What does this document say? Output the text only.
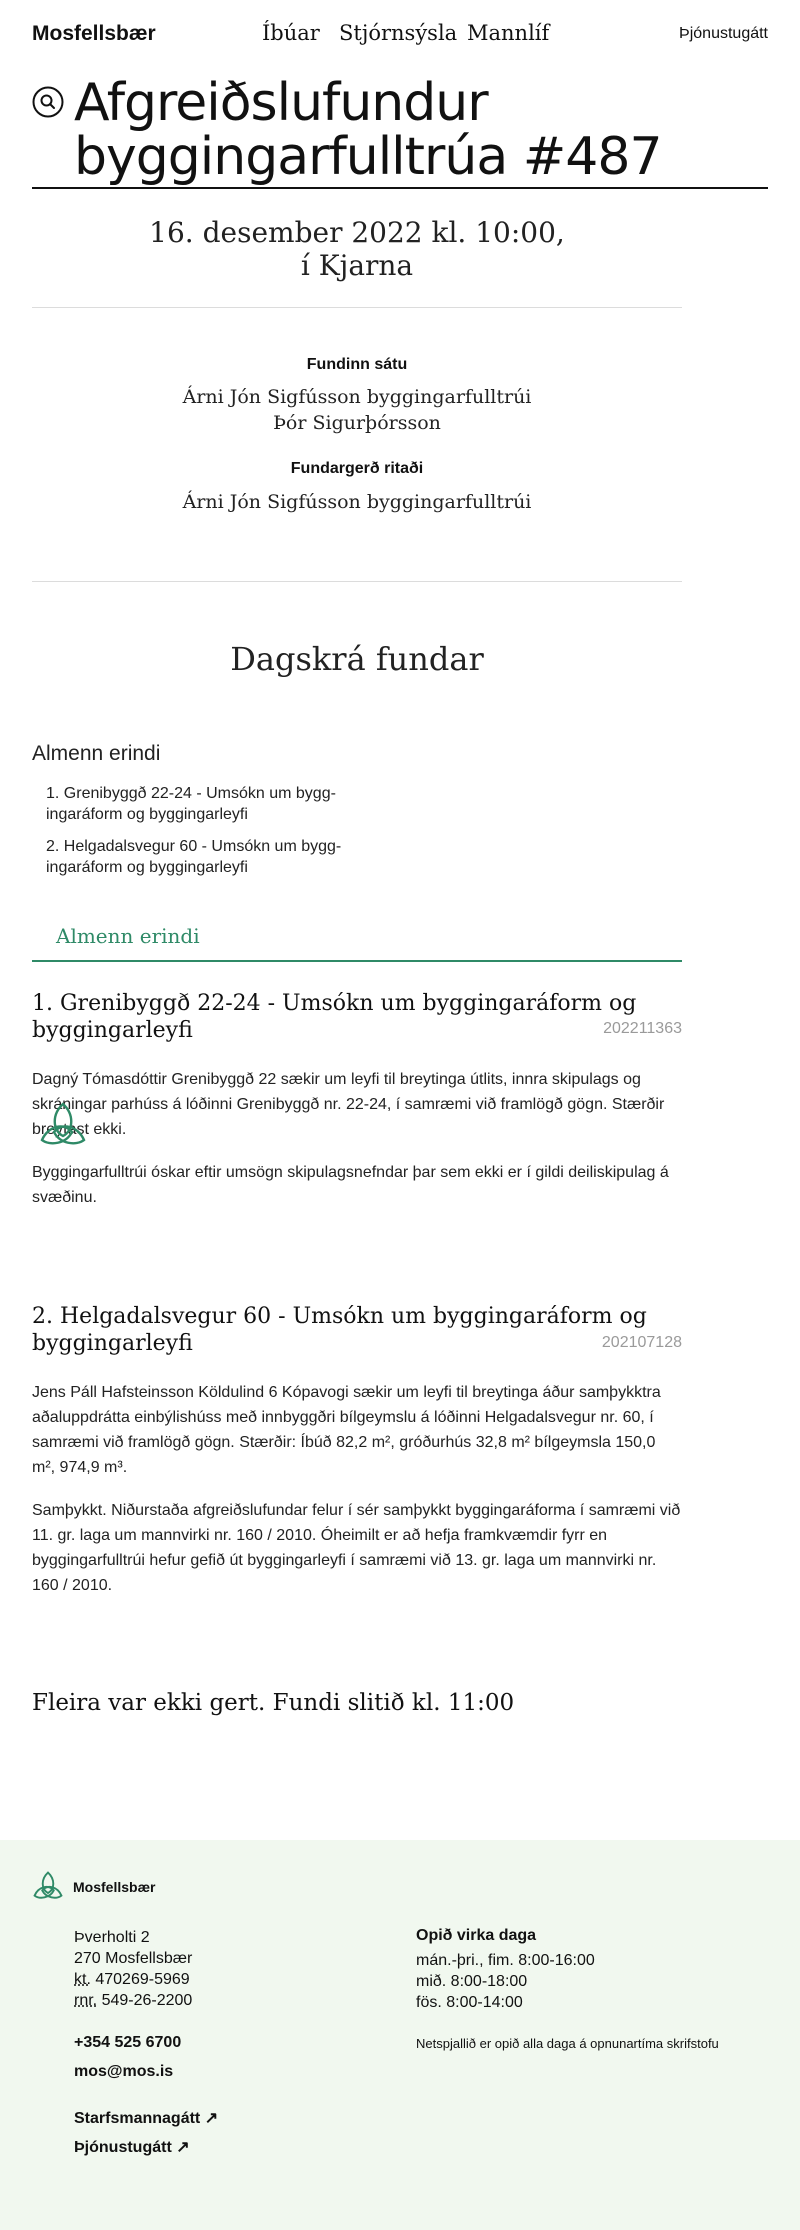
Mosfellsbær	Íbúar Stjórnsýsla Mannlíf	Þjónustugátt
Afgreiðslufundur byggingarfulltrúa #487
16. desember 2022 kl. 10:00,
í Kjarna
Fundinn sátu
Árni Jón Sigfússon byggingarfulltrúi
Þór Sigurþórsson
Fundargerð ritaði
Árni Jón Sigfússon byggingarfulltrúi
Dagskrá fundar
Almenn erindi
1. Grenibyggð 22-24 - Umsókn um byggingaráform og byggingarleyfi
2. Helgadalsvegur 60 - Umsókn um byggingaráform og byggingarleyfi
Almenn erindi
1. Grenibyggð 22-24 - Umsókn um byggingaráform og byggingarleyfi	202211363
Dagný Tómasdóttir Grenibyggð 22 sækir um leyfi til breytinga útlits, innra skipulags og skráningar parhúss á lóðinni Grenibyggð nr. 22-24, í samræmi við framlögð gögn. Stærðir breytast ekki.
Byggingarfulltrúi óskar eftir umsögn skipulagsnefndar þar sem ekki er í gildi deiliskipulag á svæðinu.
2. Helgadalsvegur 60 - Umsókn um byggingaráform og byggingarleyfi	202107128
Jens Páll Hafsteinsson Köldulind 6 Kópavogi sækir um leyfi til breytinga áður samþykktra aðaluppdrátta einbýlishúss með innbyggðri bílgeymslu á lóðinni Helgadalsvegur nr. 60, í samræmi við framlögð gögn. Stærðir: Íbúð 82,2 m², gróðurhús 32,8 m² bílgeymsla 150,0 m², 974,9 m³.
Samþykkt. Niðurstaða afgreiðslufundar felur í sér samþykkt byggingaráforma í samræmi við 11. gr. laga um mannvirki nr. 160 / 2010. Óheimilt er að hefja framkvæmdir fyrr en byggingarfulltrúi hefur gefið út byggingarleyfi í samræmi við 13. gr. laga um mannvirki nr. 160 / 2010.
Fleira var ekki gert. Fundi slitið kl. 11:00
Mosfellsbær
Þverholti 2
270 Mosfellsbær
kt. 470269-5969
rnr. 549-26-2200
+354 525 6700
mos@mos.is
Starfsmannagátt ↗
Þjónustugátt ↗
Opið virka daga
mán.-þri., fim. 8:00-16:00
mið. 8:00-18:00
fös. 8:00-14:00
Netspjallið er opið alla daga á opnunartíma skrifstofu
